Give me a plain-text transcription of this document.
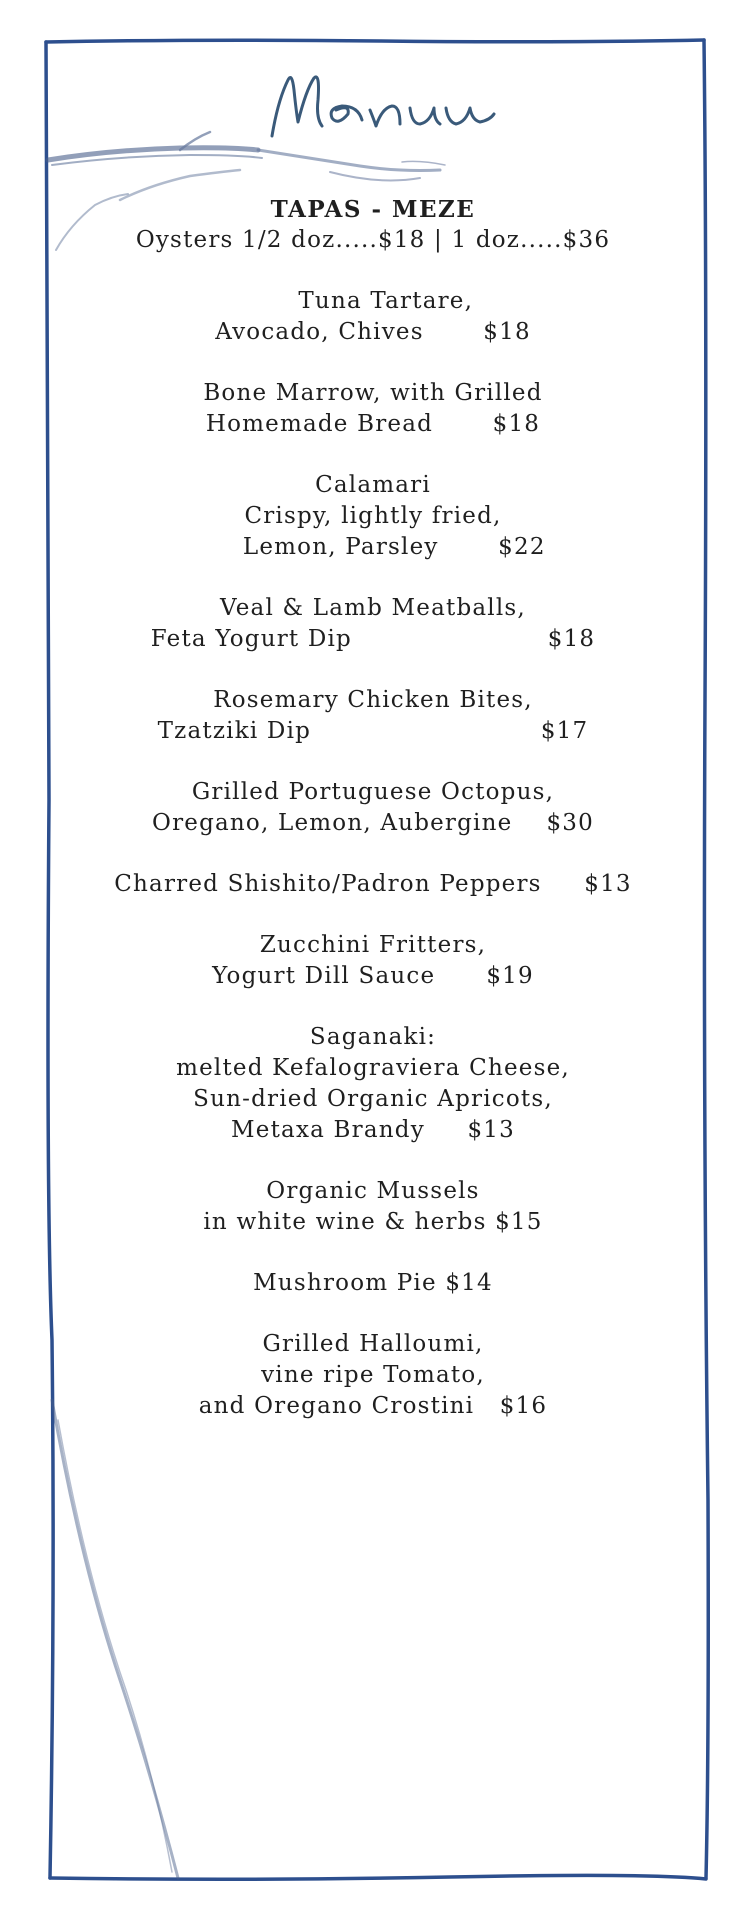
TAPAS - MEZE
Oysters 1/2 doz.....$18 | 1 doz.....$36
Tuna Tartare,
Avocado, Chives       $18
Bone Marrow, with Grilled
Homemade Bread       $18
Calamari
Crispy, lightly fried,
Lemon, Parsley       $22
Veal & Lamb Meatballs,
Feta Yogurt Dip                       $18
Rosemary Chicken Bites,
Tzatziki Dip                           $17
Grilled Portuguese Octopus,
Oregano, Lemon, Aubergine    $30
Charred Shishito/Padron Peppers     $13
Zucchini Fritters,
Yogurt Dill Sauce      $19
Saganaki:
melted Kefalograviera Cheese,
Sun-dried Organic Apricots,
Metaxa Brandy     $13
Organic Mussels
in white wine & herbs $15
Mushroom Pie $14
Grilled Halloumi,
vine ripe Tomato,
and Oregano Crostini   $16
